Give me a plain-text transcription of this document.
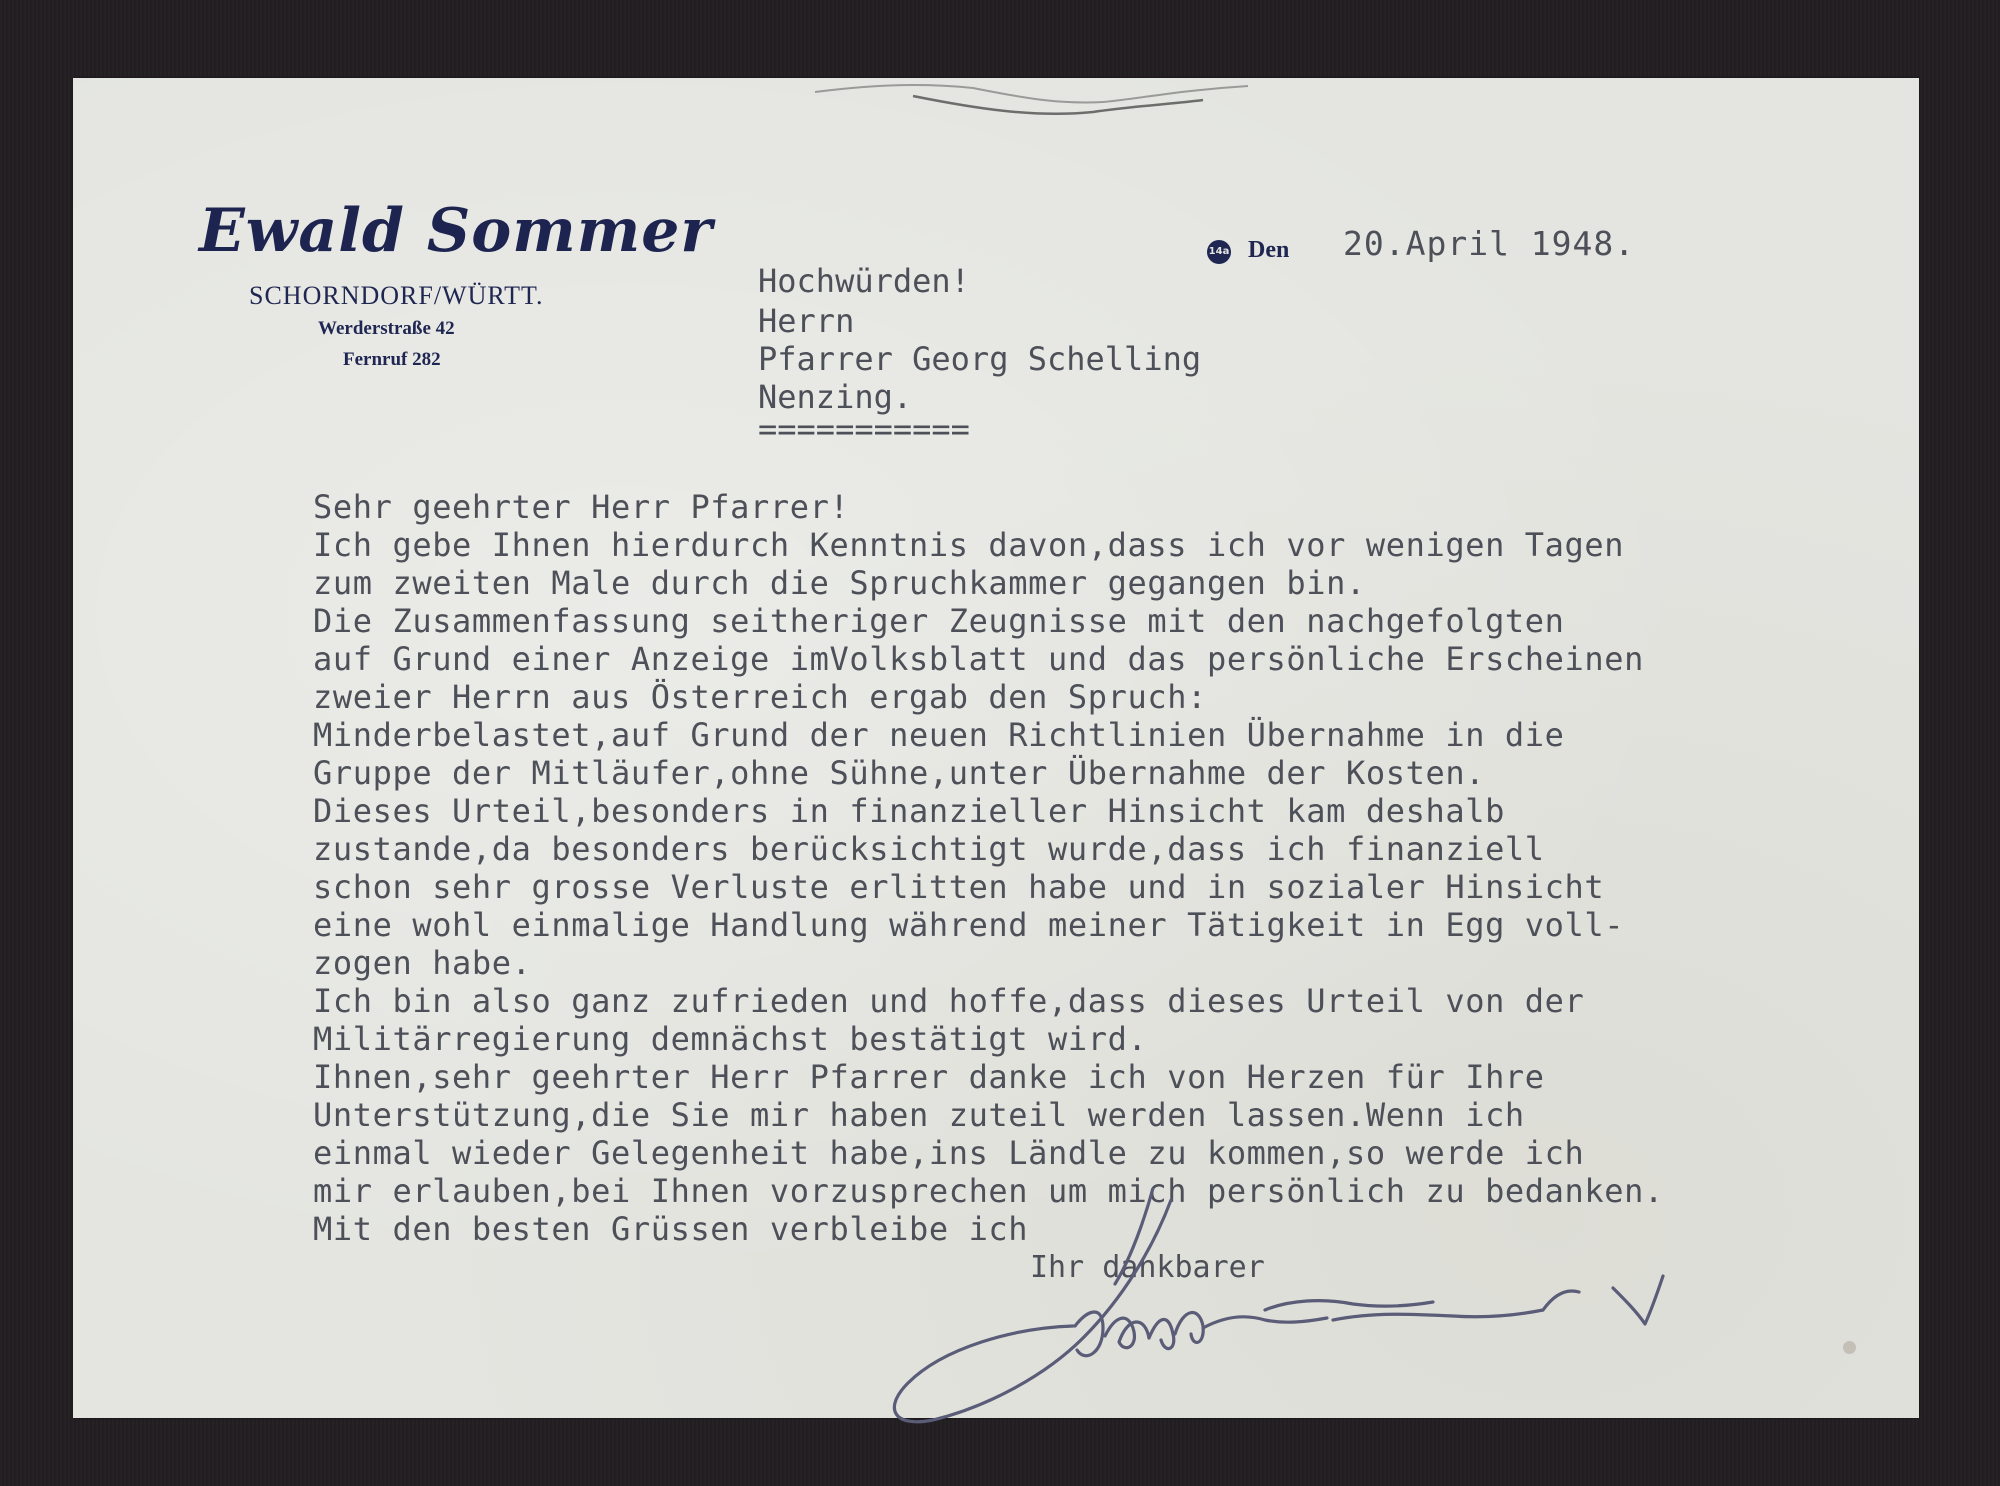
Ewald Sommer
SCHORNDORF/WÜRTT.
Werderstraße 42
Fernruf 282
14a Den 20.April 1948.
Hochwürden!
Herrn
Pfarrer Georg Schelling
Nenzing.
===========
Sehr geehrter Herr Pfarrer!
Ich gebe Ihnen hierdurch Kenntnis davon,dass ich vor wenigen Tagen
zum zweiten Male durch die Spruchkammer gegangen bin.
Die Zusammenfassung seitheriger Zeugnisse mit den nachgefolgten
auf Grund einer Anzeige imVolksblatt und das persönliche Erscheinen
zweier Herrn aus Österreich ergab den Spruch:
Minderbelastet,auf Grund der neuen Richtlinien Übernahme in die
Gruppe der Mitläufer,ohne Sühne,unter Übernahme der Kosten.
Dieses Urteil,besonders in finanzieller Hinsicht kam deshalb
zustande,da besonders berücksichtigt wurde,dass ich finanziell
schon sehr grosse Verluste erlitten habe und in sozialer Hinsicht
eine wohl einmalige Handlung während meiner Tätigkeit in Egg voll-
zogen habe.
Ich bin also ganz zufrieden und hoffe,dass dieses Urteil von der
Militärregierung demnächst bestätigt wird.
Ihnen,sehr geehrter Herr Pfarrer danke ich von Herzen für Ihre
Unterstützung,die Sie mir haben zuteil werden lassen.Wenn ich
einmal wieder Gelegenheit habe,ins Ländle zu kommen,so werde ich
mir erlauben,bei Ihnen vorzusprechen um mich persönlich zu bedanken.
Mit den besten Grüssen verbleibe ich
Ihr dankbarer
